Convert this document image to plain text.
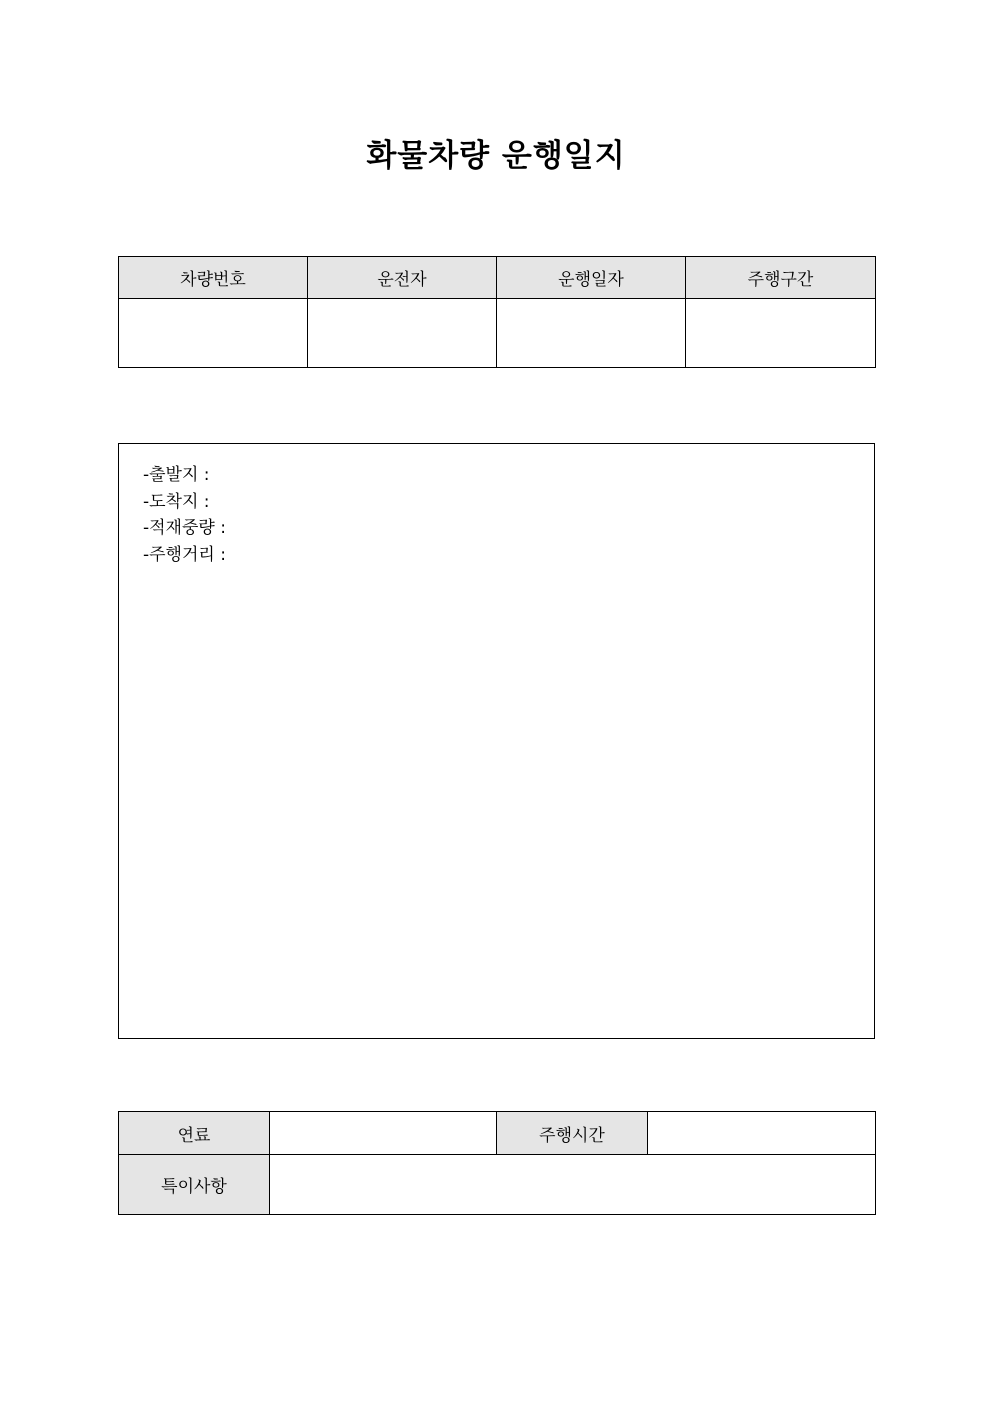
화물차량 운행일지
차량번호	운전자	운행일자	주행구간

-출발지 :
-도착지 :
-적재중량 :
-주행거리 :
연료		주행시간	
특이사항			
